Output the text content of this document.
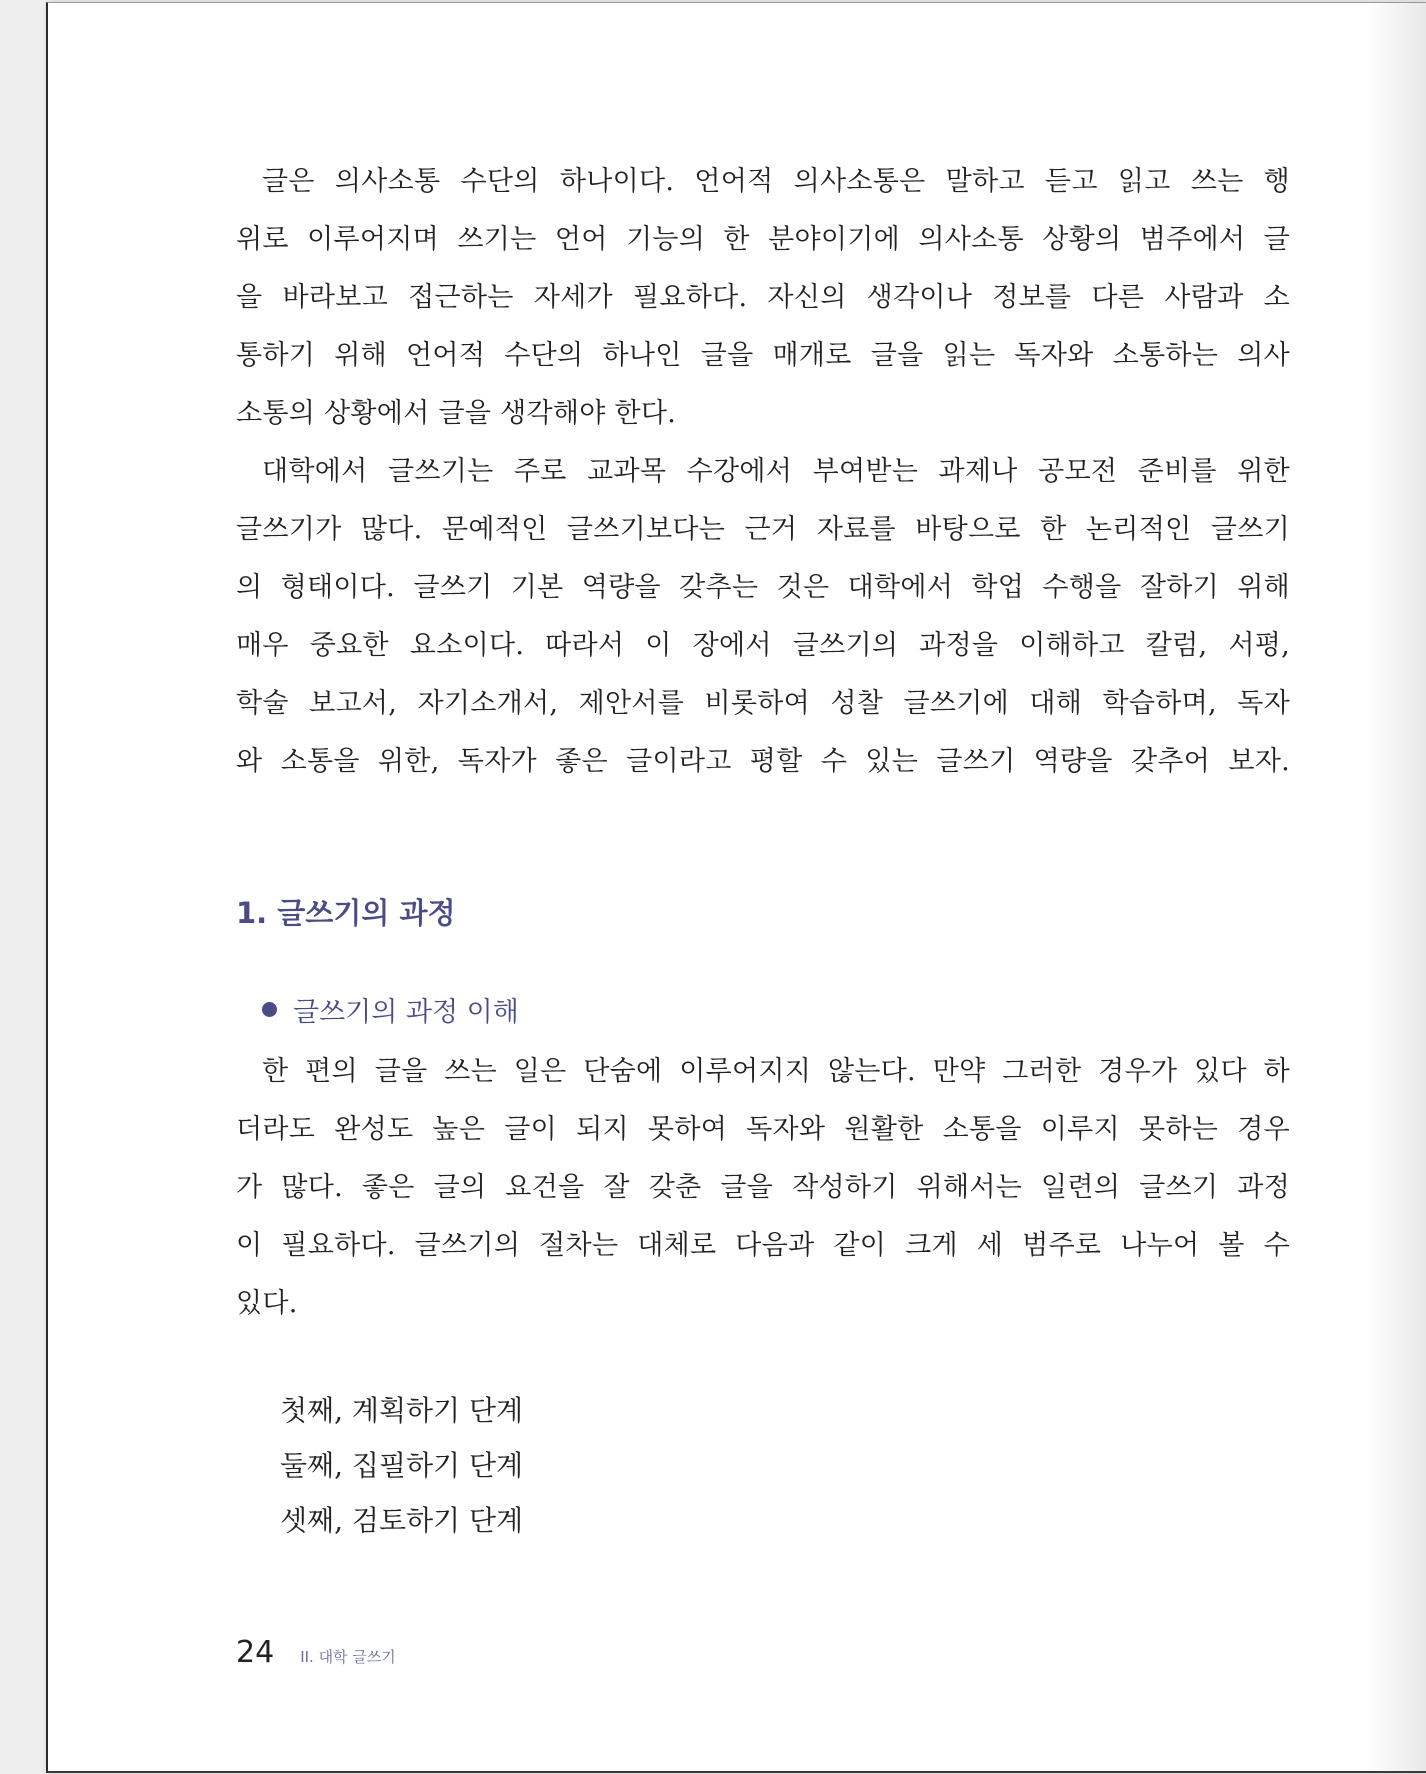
글은 의사소통 수단의 하나이다. 언어적 의사소통은 말하고 듣고 읽고 쓰는 행
위로 이루어지며 쓰기는 언어 기능의 한 분야이기에 의사소통 상황의 범주에서 글
을 바라보고 접근하는 자세가 필요하다. 자신의 생각이나 정보를 다른 사람과 소
통하기 위해 언어적 수단의 하나인 글을 매개로 글을 읽는 독자와 소통하는 의사
소통의 상황에서 글을 생각해야 한다.
대학에서 글쓰기는 주로 교과목 수강에서 부여받는 과제나 공모전 준비를 위한
글쓰기가 많다. 문예적인 글쓰기보다는 근거 자료를 바탕으로 한 논리적인 글쓰기
의 형태이다. 글쓰기 기본 역량을 갖추는 것은 대학에서 학업 수행을 잘하기 위해
매우 중요한 요소이다. 따라서 이 장에서 글쓰기의 과정을 이해하고 칼럼, 서평,
학술 보고서, 자기소개서, 제안서를 비롯하여 성찰 글쓰기에 대해 학습하며, 독자
와 소통을 위한, 독자가 좋은 글이라고 평할 수 있는 글쓰기 역량을 갖추어 보자.
1. 글쓰기의 과정
글쓰기의 과정 이해
한 편의 글을 쓰는 일은 단숨에 이루어지지 않는다. 만약 그러한 경우가 있다 하
더라도 완성도 높은 글이 되지 못하여 독자와 원활한 소통을 이루지 못하는 경우
가 많다. 좋은 글의 요건을 잘 갖춘 글을 작성하기 위해서는 일련의 글쓰기 과정
이 필요하다. 글쓰기의 절차는 대체로 다음과 같이 크게 세 범주로 나누어 볼 수
있다.
첫째, 계획하기 단계
둘째, 집필하기 단계
셋째, 검토하기 단계
24 II. 대학 글쓰기
